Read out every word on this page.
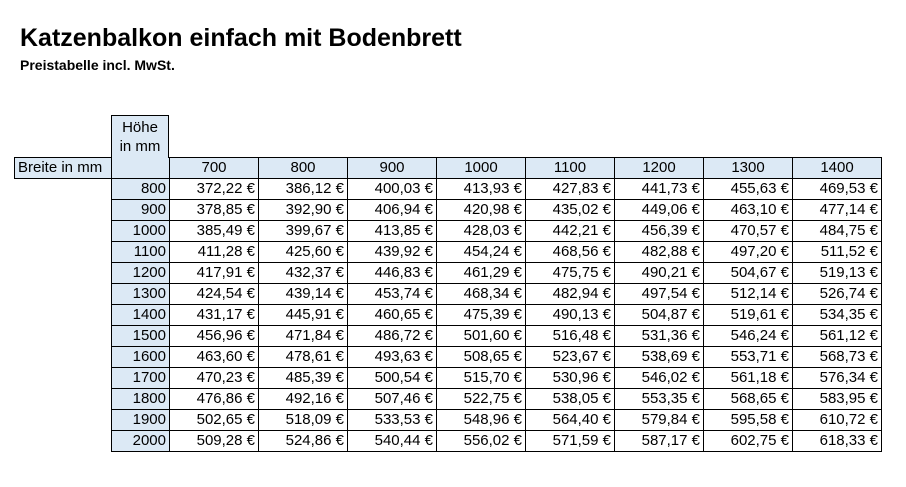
Katzenbalkon einfach mit Bodenbrett
Preistabelle incl. MwSt.
Höhe
in mm
Breite in mm		700	800	900	1000	1100	1200	1300	1400
	800	372,22 €	386,12 €	400,03 €	413,93 €	427,83 €	441,73 €	455,63 €	469,53 €
	900	378,85 €	392,90 €	406,94 €	420,98 €	435,02 €	449,06 €	463,10 €	477,14 €
	1000	385,49 €	399,67 €	413,85 €	428,03 €	442,21 €	456,39 €	470,57 €	484,75 €
	1100	411,28 €	425,60 €	439,92 €	454,24 €	468,56 €	482,88 €	497,20 €	511,52 €
	1200	417,91 €	432,37 €	446,83 €	461,29 €	475,75 €	490,21 €	504,67 €	519,13 €
	1300	424,54 €	439,14 €	453,74 €	468,34 €	482,94 €	497,54 €	512,14 €	526,74 €
	1400	431,17 €	445,91 €	460,65 €	475,39 €	490,13 €	504,87 €	519,61 €	534,35 €
	1500	456,96 €	471,84 €	486,72 €	501,60 €	516,48 €	531,36 €	546,24 €	561,12 €
	1600	463,60 €	478,61 €	493,63 €	508,65 €	523,67 €	538,69 €	553,71 €	568,73 €
	1700	470,23 €	485,39 €	500,54 €	515,70 €	530,96 €	546,02 €	561,18 €	576,34 €
	1800	476,86 €	492,16 €	507,46 €	522,75 €	538,05 €	553,35 €	568,65 €	583,95 €
	1900	502,65 €	518,09 €	533,53 €	548,96 €	564,40 €	579,84 €	595,58 €	610,72 €
	2000	509,28 €	524,86 €	540,44 €	556,02 €	571,59 €	587,17 €	602,75 €	618,33 €
